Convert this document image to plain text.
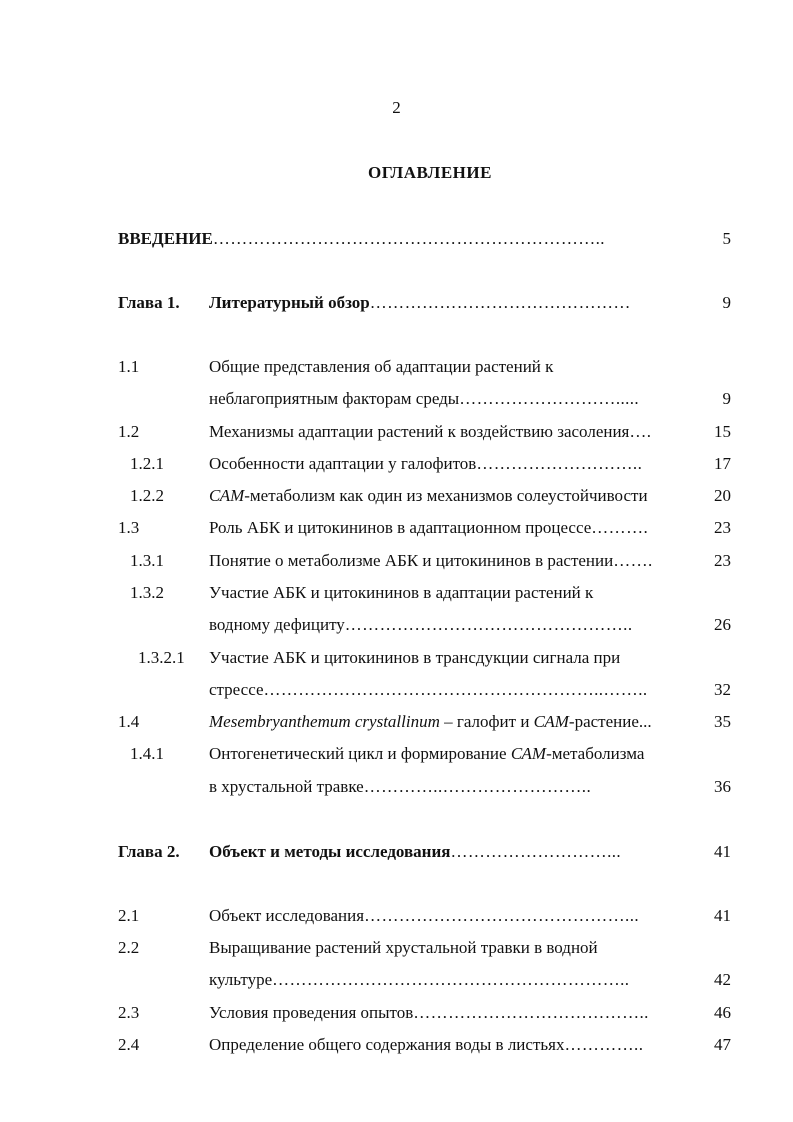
2
ОГЛАВЛЕНИЕ
ВВЕДЕНИЕ…………………………………………………………..	5
Глава 1. Литературный обзор………………………………………	9
1.1	Общие представления об адаптации растений к
неблагоприятным факторам среды……………………….....	9
1.2	Механизмы адаптации растений к воздействию засоления….	15
1.2.1	Особенности адаптации у галофитов………………………..	17
1.2.2	САМ-метаболизм как один из механизмов солеустойчивости	20
1.3	Роль АБК и цитокининов в адаптационном процессе……….	23
1.3.1	Понятие о метаболизме АБК и цитокининов в растении…….	23
1.3.2	Участие АБК и цитокининов в адаптации растений к
водному дефициту…………………………………………..	26
1.3.2.1 Участие АБК и цитокининов в трансдукции сигнала при
стрессе…………………………………………………..……..	32
1.4	Mesembryanthemum crystallinum – галофит и САМ-растение...	35
1.4.1	Онтогенетический цикл и формирование САМ-метаболизма
в хрустальной травке…………..……………………..	36
Глава 2. Объект и методы исследования………………………...	41
2.1	Объект исследования………………………………………...	41
2.2	Выращивание растений хрустальной травки в водной
культуре……………………………………………………..	42
2.3	Условия проведения опытов…………………………………..	46
2.4	Определение общего содержания воды в листьях…………..	47
